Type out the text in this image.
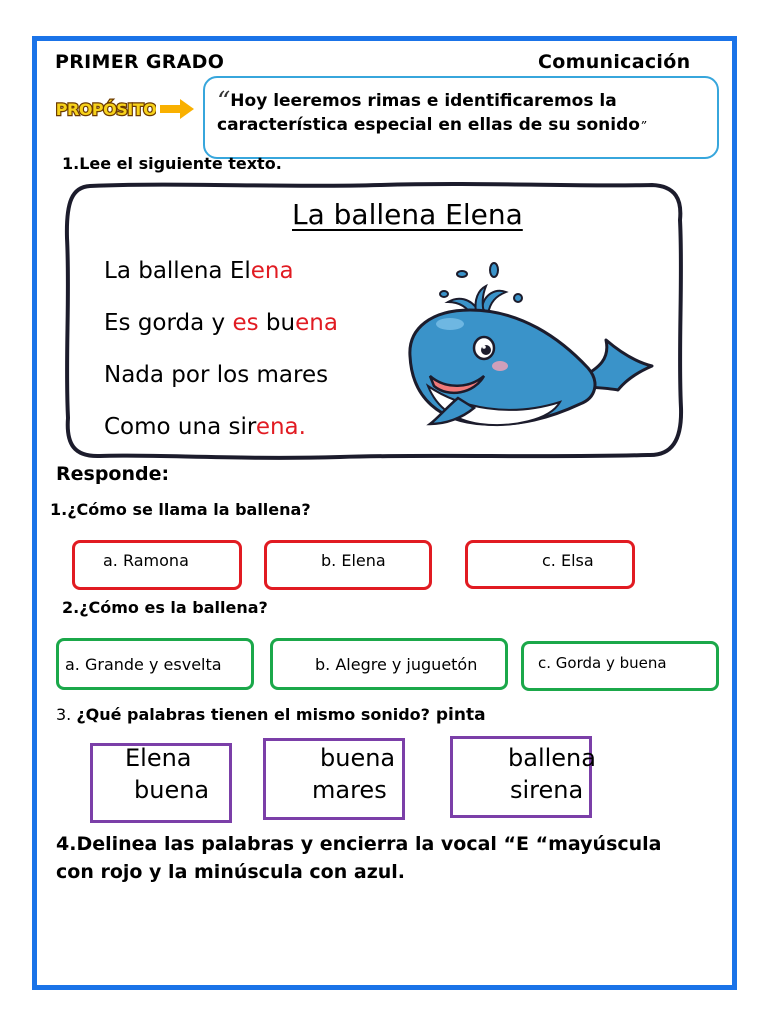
PRIMER GRADO	Comunicación
PROPÓSITO “Hoy leeremos rimas e identificaremos la característica especial en ellas de su sonido”

1.Lee el siguiente texto.
La ballena Elena
La ballena Elena
Es gorda y es buena
Nada por los mares
Como una sirena.
Responde:
1.¿Cómo se llama la ballena?
a. Ramona	b. Elena	c. Elsa
2.¿Cómo es la ballena?
a. Grande y esvelta	b. Alegre y juguetón	c. Gorda y buena
3. ¿Qué palabras tienen el mismo sonido? pinta
Elena
buena
buena
mares
ballena
sirena
4.Delinea las palabras y encierra la vocal “E “mayúscula con rojo y la minúscula con azul.
